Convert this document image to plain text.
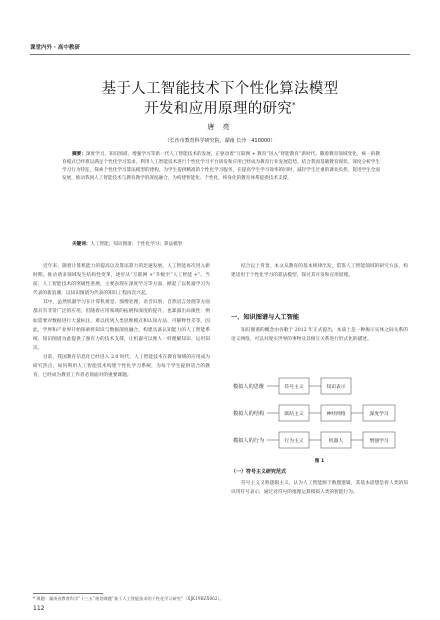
课堂内外 · 高中教研
基于人工智能技术下个性化算法模型
开发和应用原理的研究*
唐 亮
（长沙市教育科学研究院，湖南 长沙　410000）
摘要：深度学习、知识图谱、增强学习等新一代人工智能技术的发展，正驱动着“互联网 + 教育”进入“智能教育”新时代。随着教育领域变化，统一的教育模式已经难以满足个性化学习需求。利用人工智能技术进行个性化学习平台研发和应用已经成为教育行业发展趋势。结合我国基础教育现状，深度分析学生学习行为特征，探索个性化学习算法模型的建构，为学生提供精准的个性化学习服务，在提高学生学习效率的同时，减轻学生过重的课业负担，促进学生全面发展，推动我国人工智能技术与教育教学的深度融合，为构建智能化、个性化、终身化的教育体系提供技术支撑。
关键词：人工智能；知识图谱；个性化学习；算法模型

近年来，随着计算机能力的提高以及算法算力的迅速发展，人工智能再次进入新时期。推动诸多领域发生结构性变革，逐步从“互联网 +”升级至“人工智能 +”。当前，人工智能技术的突破性进展，主要表现在深度学习等方面，掀起了以机器学习为代表的新浪潮，以知识图谱为代表的知识工程再次兴起。

其中，虽然机器学习在计算机视觉、图像处理、语音识别、自然语言处理等方面都具有非常广泛的应用，但随着应用领域的拓展和深度的提升，也暴露出局限性：例如需要对数据进行大量标注、难以找到人类思维模式和认知方法、可解释性差等。因此，学界和产业界开始探索将知识与数据深度融合，构建具备认知能力的人工智能系统，知识图谱为此提供了强有力的技术支撑，让机器可以像人一样理解知识、运用知识。

目前，我国教育信息化已经进入 2.0 时代，人工智能技术在教育领域的应用成为研究热点，如何利用人工智能技术构建个性化学习系统，为每个学生提供适合的教育，已经成为教育工作者必须面对的重要课题。

结合以上背景，本文从教育的基本规律出发，借鉴人工智能领域的研究方法，构建适用于个性化学习的算法模型，探讨其开发和应用原理。

一、知识图谱与人工智能
知识图谱的概念由谷歌于 2012 年正式提出，本质上是一种揭示实体之间关系的语义网络，可以对现实世界的事物及其相互关系进行形式化的描述。
模拟人的思维	符号主义	知识表示
模拟人的结构	联结主义	神经网络	深度学习
模拟人的行为	行为主义	机器人	增强学习
图 1
（一）符号主义研究范式
符号主义又称逻辑主义，认为人工智能源于数理逻辑，其基本思想是将人类的知识用符号表示，通过对符号的推理运算模拟人类的智能行为。
* 课题：湖南省教育科学“十三五”规划课题“基于人工智能技术的个性化学习研究”（XJK19BZX062）。
112
